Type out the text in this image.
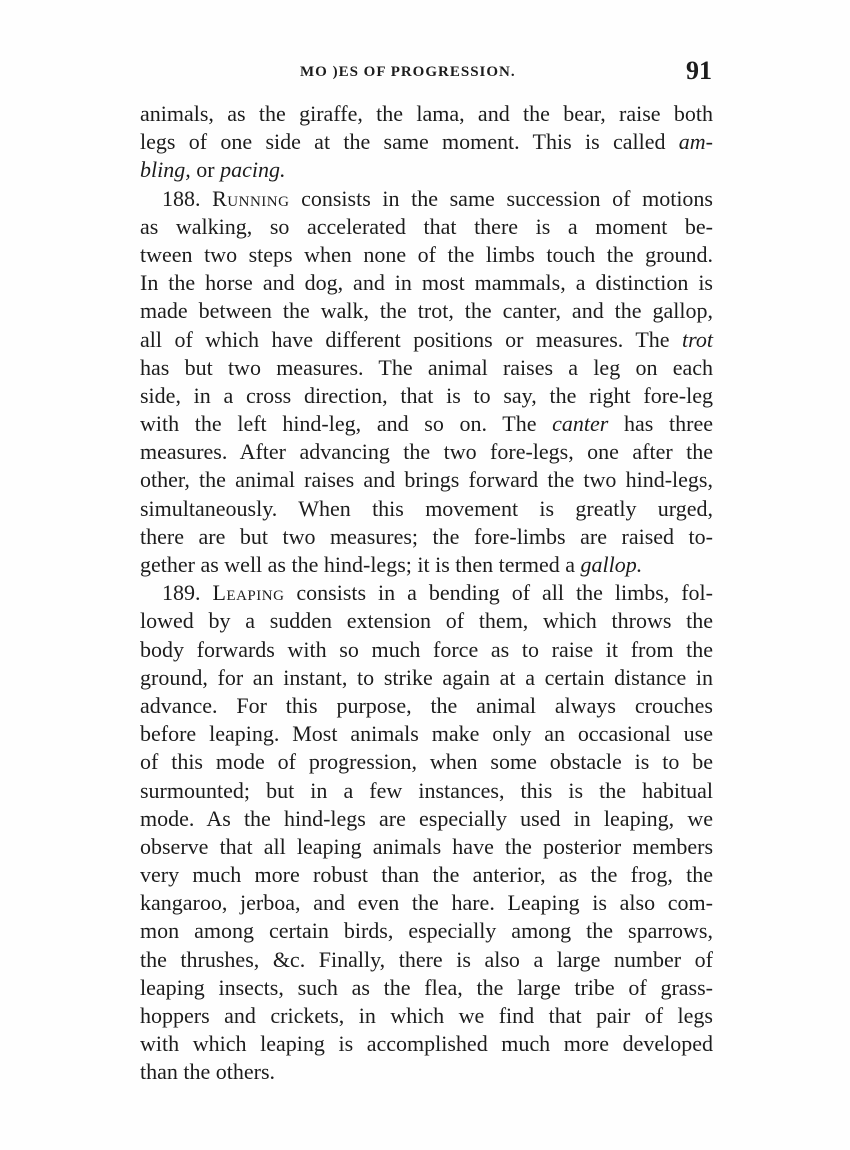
MO )ES OF PROGRESSION.	91
animals, as the giraffe, the lama, and the bear, raise both
legs of one side at the same moment. This is called am-
bling, or pacing.
188. Running consists in the same succession of motions
as walking, so accelerated that there is a moment be-
tween two steps when none of the limbs touch the ground.
In the horse and dog, and in most mammals, a distinction is
made between the walk, the trot, the canter, and the gallop,
all of which have different positions or measures. The trot
has but two measures. The animal raises a leg on each
side, in a cross direction, that is to say, the right fore-leg
with the left hind-leg, and so on. The canter has three
measures. After advancing the two fore-legs, one after the
other, the animal raises and brings forward the two hind-legs,
simultaneously. When this movement is greatly urged,
there are but two measures; the fore-limbs are raised to-
gether as well as the hind-legs; it is then termed a gallop.
189. Leaping consists in a bending of all the limbs, fol-
lowed by a sudden extension of them, which throws the
body forwards with so much force as to raise it from the
ground, for an instant, to strike again at a certain distance in
advance. For this purpose, the animal always crouches
before leaping. Most animals make only an occasional use
of this mode of progression, when some obstacle is to be
surmounted; but in a few instances, this is the habitual
mode. As the hind-legs are especially used in leaping, we
observe that all leaping animals have the posterior members
very much more robust than the anterior, as the frog, the
kangaroo, jerboa, and even the hare. Leaping is also com-
mon among certain birds, especially among the sparrows,
the thrushes, &c. Finally, there is also a large number of
leaping insects, such as the flea, the large tribe of grass-
hoppers and crickets, in which we find that pair of legs
with which leaping is accomplished much more developed
than the others.
